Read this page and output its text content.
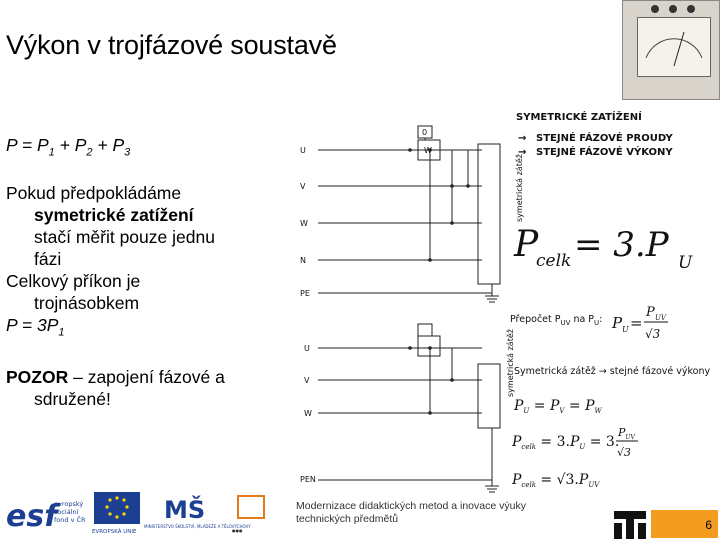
Výkon v trojfázové soustavě
$P = P_1 + P_2 + P_3$
Pokud předpokládáme
symetrické zatížení
stačí měřit pouze jednu
fázi
Celkový příkon je
trojnásobkem
$P = 3P_1$
POZOR – zapojení fázové a
sdružené!
SYMETRICKÉ ZATÍŽENÍ
→ STEJNÉ FÁZOVÉ PROUDY
→ STEJNÉ FÁZOVÉ VÝKONY
0
W
symetrická zátěž
U
V
W
N
PE
P
celk = 3.P U
Přepočet $P_{UV}$ na $P_U$: P U =
P UV
√3
symetrická zátěž
U
V
W
PEN
Symetrická zátěž → stejné fázové výkony
$P_U = P_V = P_W$
$P_{celk} = 3.P_U = 3$.
$P_{UV}$
√3
$P_{celk} = √3.P_{UV}$
esf
evropský
sociální
fond v ČR
EVROPSKÁ UNIE
MŠ
MINISTERSTVO ŠKOLSTVÍ, MLÁDEŽE A TĚLOVÝCHOVY
●●●
Modernizace didaktických metod a inovace výuky
technických předmětů	6
